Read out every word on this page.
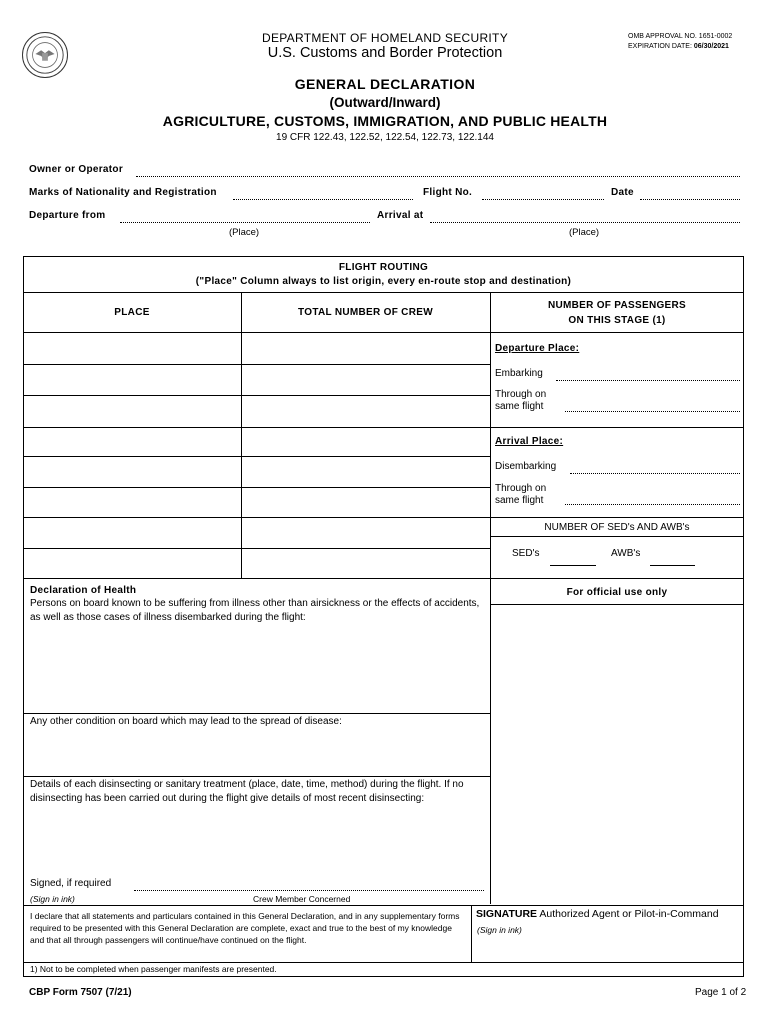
DEPARTMENT OF HOMELAND SECURITY
U.S. Customs and Border Protection
OMB APPROVAL NO. 1651-0002
EXPIRATION DATE: 06/30/2021
GENERAL DECLARATION
(Outward/Inward)
AGRICULTURE, CUSTOMS, IMMIGRATION, AND PUBLIC HEALTH
19 CFR 122.43, 122.52, 122.54, 122.73, 122.144
Owner or Operator
Marks of Nationality and Registration	Flight No.	Date
Departure from	Arrival at
(Place)	(Place)
FLIGHT ROUTING
("Place" Column always to list origin, every en-route stop and destination)
PLACE	TOTAL NUMBER OF CREW
NUMBER OF PASSENGERS
ON THIS STAGE (1)
Departure Place:
Embarking
Through on
same flight
Arrival Place:
Disembarking
Through on
same flight
NUMBER OF SED's AND AWB's
SED's	AWB's
Declaration of Health
Persons on board known to be suffering from illness other than airsickness or the effects of accidents, as well as those cases of illness disembarked during the flight:
For official use only
Any other condition on board which may lead to the spread of disease:
Details of each disinsecting or sanitary treatment (place, date, time, method) during the flight. If no disinsecting has been carried out during the flight give details of most recent disinsecting:
Signed, if required
(Sign in ink)	Crew Member Concerned
I declare that all statements and particulars contained in this General Declaration, and in any supplementary forms required to be presented with this General Declaration are complete, exact and true to the best of my knowledge and that all through passengers will continue/have continued on the flight.
SIGNATURE Authorized Agent or Pilot-in-Command
(Sign in ink)
1) Not to be completed when passenger manifests are presented.
CBP Form 7507 (7/21)	Page 1 of 2
